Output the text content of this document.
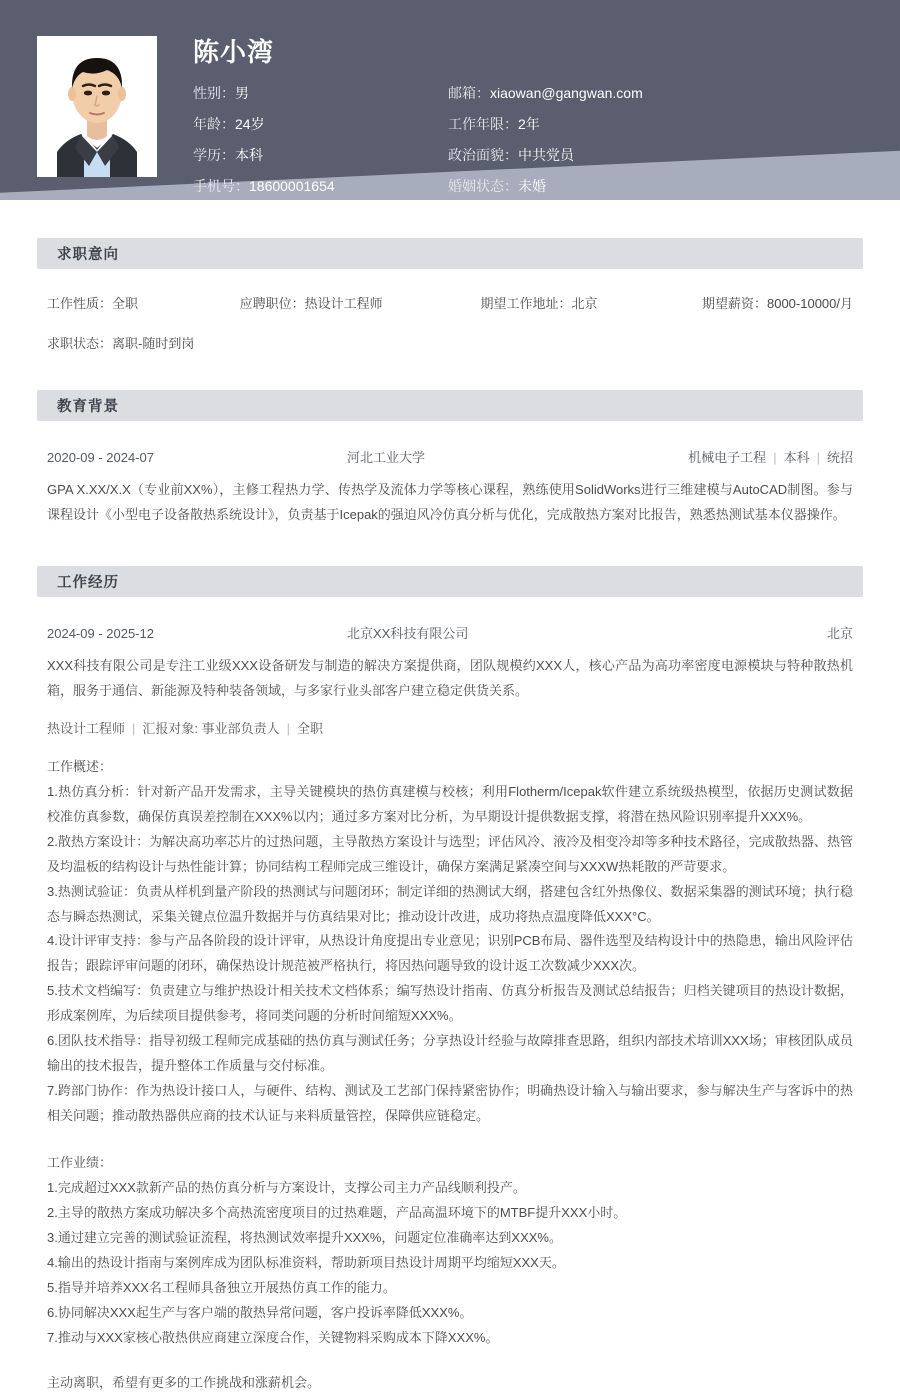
陈小湾
性别：男	邮箱：xiaowan@gangwan.com
年龄：24岁	工作年限：2年
学历：本科	政治面貌：中共党员
手机号：18600001654	婚姻状态：未婚
求职意向
工作性质：全职	应聘职位：热设计工程师	期望工作地址：北京	期望薪资：8000-10000/月
求职状态：离职-随时到岗
教育背景
2020-09 - 2024-07	河北工业大学	机械电子工程 | 本科 | 统招
GPA X.XX/X.X（专业前XX%），主修工程热力学、传热学及流体力学等核心课程，熟练使用SolidWorks进行三维建模与AutoCAD制图。参与课程设计《小型电子设备散热系统设计》，负责基于Icepak的强迫风冷仿真分析与优化，完成散热方案对比报告，熟悉热测试基本仪器操作。
工作经历
2024-09 - 2025-12	北京XX科技有限公司	北京
XXX科技有限公司是专注工业级XXX设备研发与制造的解决方案提供商，团队规模约XXX人，核心产品为高功率密度电源模块与特种散热机箱，服务于通信、新能源及特种装备领域，与多家行业头部客户建立稳定供货关系。
热设计工程师 | 汇报对象: 事业部负责人 | 全职
工作概述：
1.热仿真分析：针对新产品开发需求，主导关键模块的热仿真建模与校核；利用Flotherm/Icepak软件建立系统级热模型，依据历史测试数据校准仿真参数，确保仿真误差控制在XXX%以内；通过多方案对比分析，为早期设计提供数据支撑，将潜在热风险识别率提升XXX%。
2.散热方案设计：为解决高功率芯片的过热问题，主导散热方案设计与选型；评估风冷、液冷及相变冷却等多种技术路径，完成散热器、热管及均温板的结构设计与热性能计算；协同结构工程师完成三维设计，确保方案满足紧凑空间与XXXW热耗散的严苛要求。
3.热测试验证：负责从样机到量产阶段的热测试与问题闭环；制定详细的热测试大纲，搭建包含红外热像仪、数据采集器的测试环境；执行稳态与瞬态热测试，采集关键点位温升数据并与仿真结果对比；推动设计改进，成功将热点温度降低XXX°C。
4.设计评审支持：参与产品各阶段的设计评审，从热设计角度提出专业意见；识别PCB布局、器件选型及结构设计中的热隐患，输出风险评估报告；跟踪评审问题的闭环，确保热设计规范被严格执行，将因热问题导致的设计返工次数减少XXX次。
5.技术文档编写：负责建立与维护热设计相关技术文档体系；编写热设计指南、仿真分析报告及测试总结报告；归档关键项目的热设计数据，形成案例库，为后续项目提供参考，将同类问题的分析时间缩短XXX%。
6.团队技术指导：指导初级工程师完成基础的热仿真与测试任务；分享热设计经验与故障排查思路，组织内部技术培训XXX场；审核团队成员输出的技术报告，提升整体工作质量与交付标准。
7.跨部门协作：作为热设计接口人，与硬件、结构、测试及工艺部门保持紧密协作；明确热设计输入与输出要求，参与解决生产与客诉中的热相关问题；推动散热器供应商的技术认证与来料质量管控，保障供应链稳定。
工作业绩：
1.完成超过XXX款新产品的热仿真分析与方案设计，支撑公司主力产品线顺利投产。
2.主导的散热方案成功解决多个高热流密度项目的过热难题，产品高温环境下的MTBF提升XXX小时。
3.通过建立完善的测试验证流程，将热测试效率提升XXX%，问题定位准确率达到XXX%。
4.输出的热设计指南与案例库成为团队标准资料，帮助新项目热设计周期平均缩短XXX天。
5.指导并培养XXX名工程师具备独立开展热仿真工作的能力。
6.协同解决XXX起生产与客户端的散热异常问题，客户投诉率降低XXX%。
7.推动与XXX家核心散热供应商建立深度合作，关键物料采购成本下降XXX%。
主动离职，希望有更多的工作挑战和涨薪机会。
